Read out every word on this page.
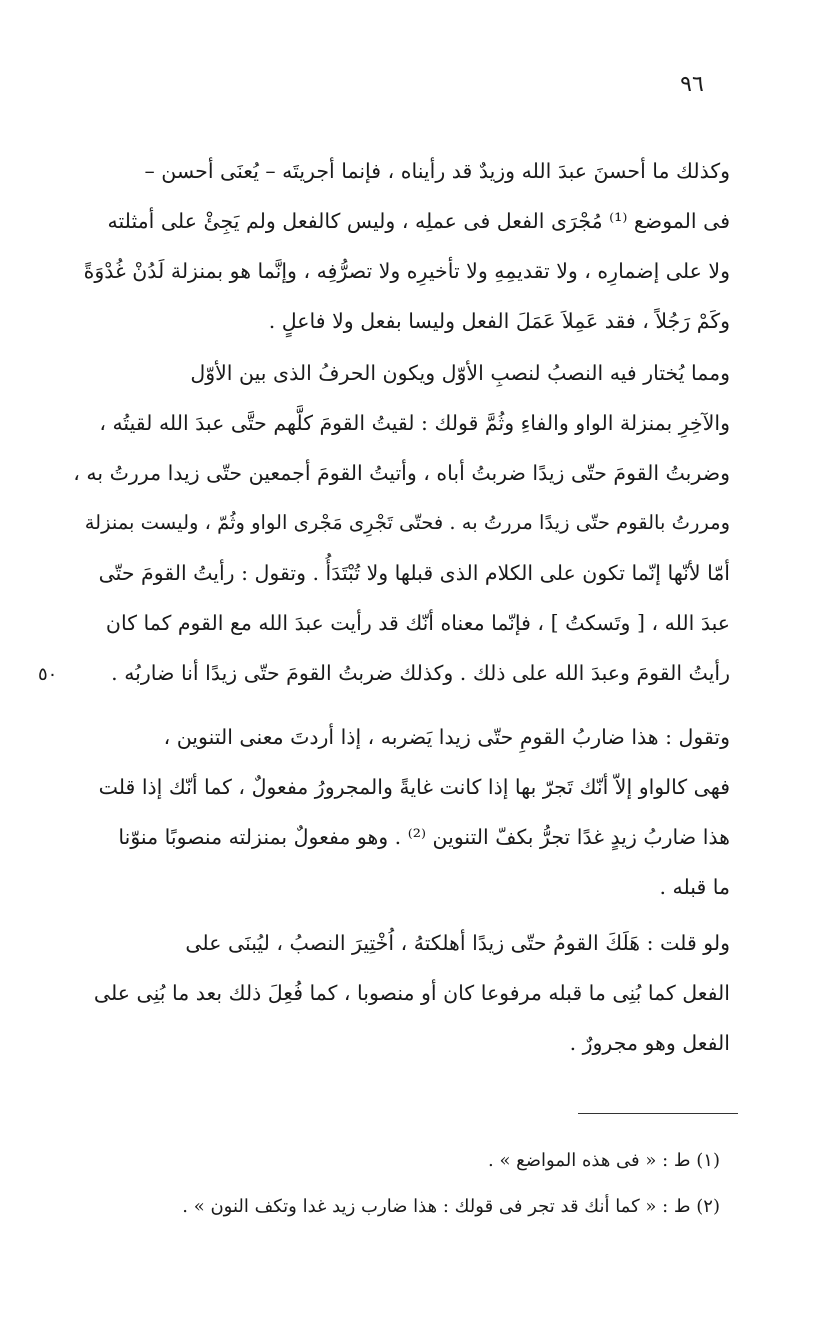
٩٦
وكذلك ما أحسنَ عبدَ الله وزيدٌ قد رأيناه ، فإنما أجريتَه – يُعنَى أحسن –
فى الموضع ⁽¹⁾ مُجْرَى الفعل فى عملِه ، وليس كالفعل ولم يَجِئْ على أمثلته
ولا على إضمارِه ، ولا تقديمِهِ ولا تأخيرِه ولا تصرُّفِه ، وإنَّما هو بمنزلة لَدُنْ غُدْوَةً
وكَمْ رَجُلاً ، فقد عَمِلاَ عَمَلَ الفعل وليسا بفعل ولا فاعلٍ .
ومما يُختار فيه النصبُ لنصبِ الأوّل ويكون الحرفُ الذى بين الأوّل
والآخِرِ بمنزلة الواو والفاءِ وثُمَّ قولك : لقيتُ القومَ كلَّهم حتَّى عبدَ الله لقيتُه ،
وضربتُ القومَ حتّى زيدًا ضربتُ أباه ، وأتيتُ القومَ أجمعين حتّى زيدا مررتُ به ،
ومررتُ بالقوم حتّى زيدًا مررتُ به . فحتّى تَجْرِى مَجْرى الواو وثُمّ ، وليست بمنزلة
أمّا لأنّها إنّما تكون على الكلام الذى قبلها ولا تُبْتَدَأُ . وتقول : رأيتُ القومَ حتّى
عبدَ الله ، [ وتَسكتُ ] ، فإنّما معناه أنّك قد رأيت عبدَ الله مع القوم كما كان
رأيتُ القومَ وعبدَ الله على ذلك . وكذلك ضربتُ القومَ حتّى زيدًا أنا ضاربُه .
٥٠
وتقول : هذا ضاربُ القومِ حتّى زيدا يَضربه ، إذا أردتَ معنى التنوين ،
فهى كالواو إلاّ أنّك تَجرّ بها إذا كانت غايةً والمجرورُ مفعولٌ ، كما أنّك إذا قلت
هذا ضاربُ زيدٍ غدًا تجرُّ بكفّ التنوين ⁽²⁾ . وهو مفعولٌ بمنزلته منصوبًا منوّنا
ما قبله .
ولو قلت : هَلَكَ القومُ حتّى زيدًا أهلكتهُ ، اُخْتِيرَ النصبُ ، ليُبنَى على
الفعل كما بُنِى ما قبله مرفوعا كان أو منصوبا ، كما فُعِلَ ذلك بعد ما بُنِى على
الفعل وهو مجرورٌ .
(١) ط : « فى هذه المواضع » .
(٢) ط : « كما أنك قد تجر فى قولك : هذا ضارب زيد غدا وتكف النون » .
